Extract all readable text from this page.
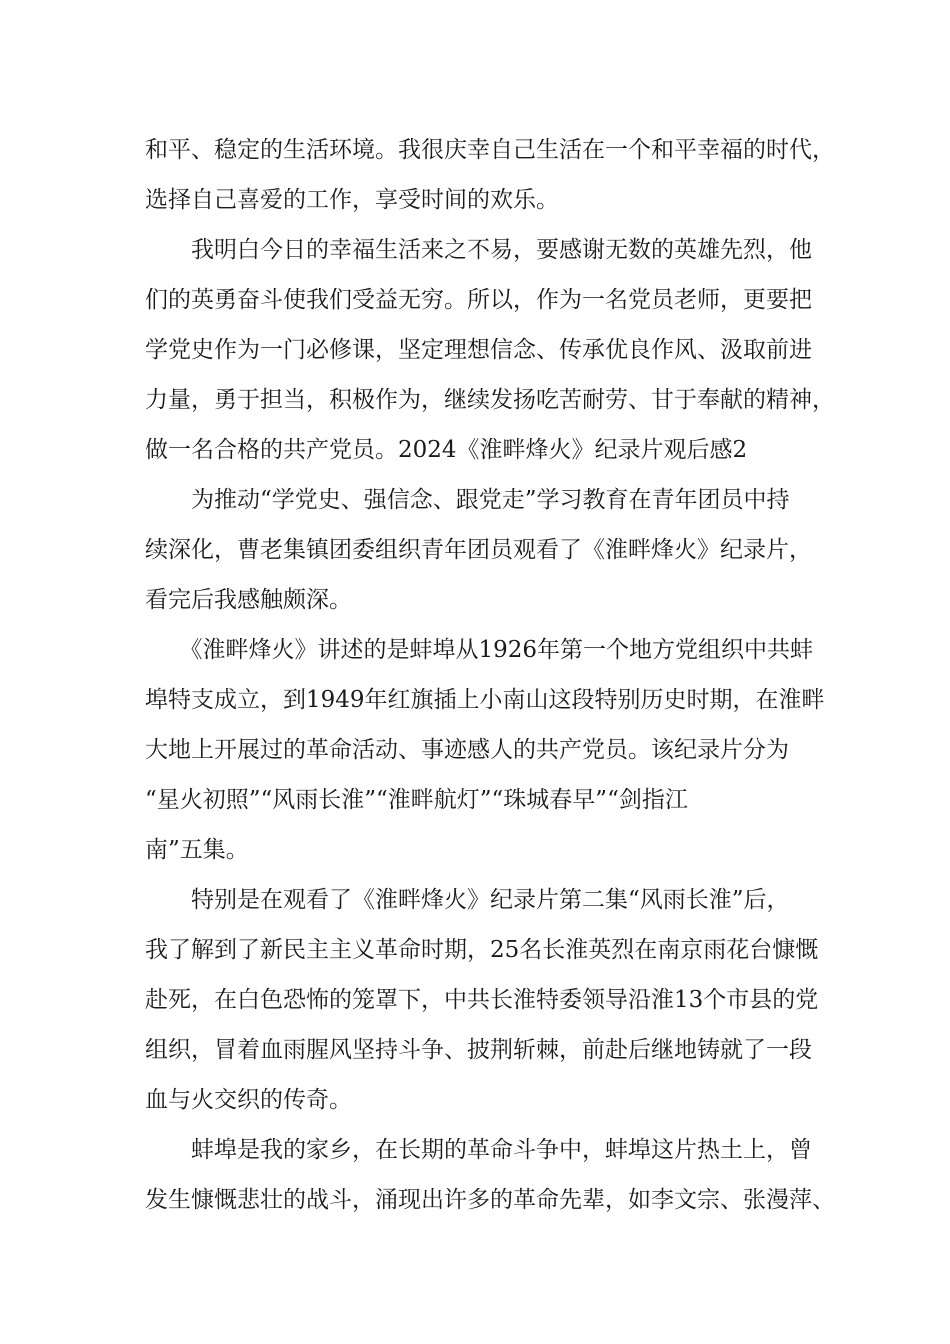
和平、稳定的生活环境。我很庆幸自己生活在一个和平幸福的时代，
选择自己喜爱的工作，享受时间的欢乐。
　　我明白今日的幸福生活来之不易，要感谢无数的英雄先烈，他
们的英勇奋斗使我们受益无穷。所以，作为一名党员老师，更要把
学党史作为一门必修课，坚定理想信念、传承优良作风、汲取前进
力量，勇于担当，积极作为，继续发扬吃苦耐劳、甘于奉献的精神，
做一名合格的共产党员。2024《淮畔烽火》纪录片观后感2
　　为推动“学党史、强信念、跟党走”学习教育在青年团员中持
续深化，曹老集镇团委组织青年团员观看了《淮畔烽火》纪录片，
看完后我感触颇深。
　　《淮畔烽火》讲述的是蚌埠从1926年第一个地方党组织中共蚌
埠特支成立，到1949年红旗插上小南山这段特别历史时期，在淮畔
大地上开展过的革命活动、事迹感人的共产党员。该纪录片分为
“星火初照”“风雨长淮”“淮畔航灯”“珠城春早”“剑指江
南”五集。
　　特别是在观看了《淮畔烽火》纪录片第二集“风雨长淮”后，
我了解到了新民主主义革命时期，25名长淮英烈在南京雨花台慷慨
赴死，在白色恐怖的笼罩下，中共长淮特委领导沿淮13个市县的党
组织，冒着血雨腥风坚持斗争、披荆斩棘，前赴后继地铸就了一段
血与火交织的传奇。
　　蚌埠是我的家乡，在长期的革命斗争中，蚌埠这片热土上，曾
发生慷慨悲壮的战斗，涌现出许多的革命先辈，如李文宗、张漫萍、
